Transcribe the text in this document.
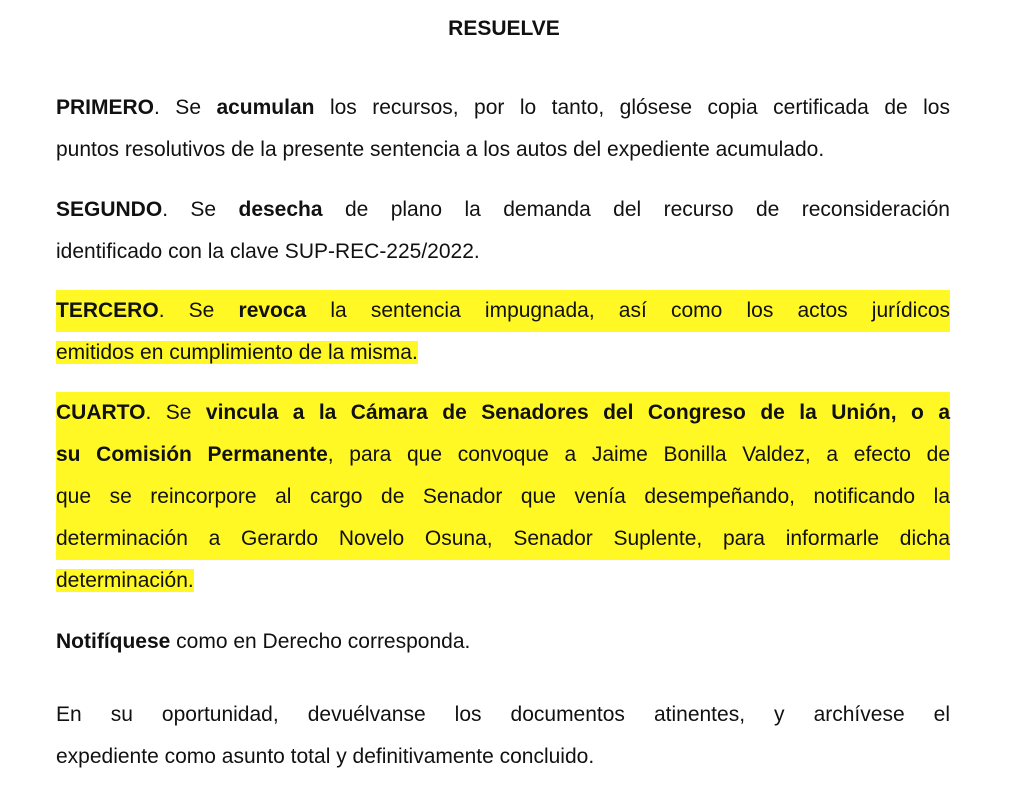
RESUELVE
PRIMERO. Se acumulan los recursos, por lo tanto, glósese copia certificada de los
puntos resolutivos de la presente sentencia a los autos del expediente acumulado.
SEGUNDO. Se desecha de plano la demanda del recurso de reconsideración
identificado con la clave SUP-REC-225/2022.
TERCERO. Se revoca la sentencia impugnada, así como los actos jurídicos
emitidos en cumplimiento de la misma.
CUARTO. Se vincula a la Cámara de Senadores del Congreso de la Unión, o a
su Comisión Permanente, para que convoque a Jaime Bonilla Valdez, a efecto de
que se reincorpore al cargo de Senador que venía desempeñando, notificando la
determinación a Gerardo Novelo Osuna, Senador Suplente, para informarle dicha
determinación.
Notifíquese como en Derecho corresponda.
En su oportunidad, devuélvanse los documentos atinentes, y archívese el
expediente como asunto total y definitivamente concluido.
